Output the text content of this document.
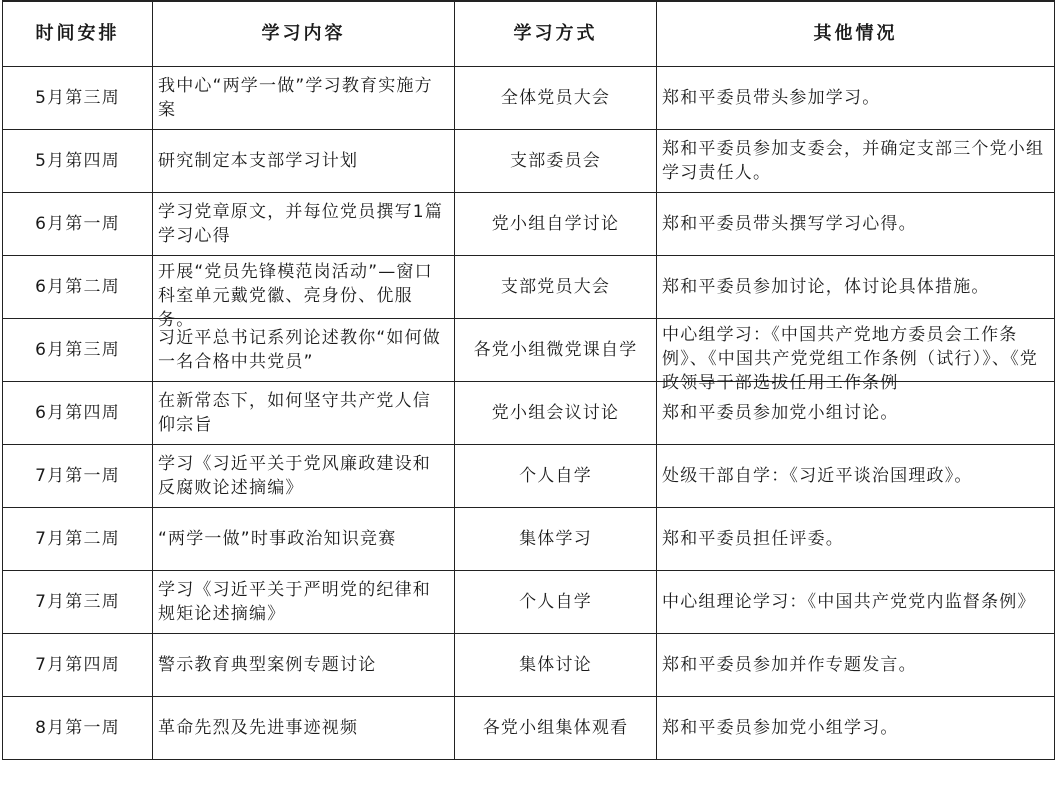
时间安排	学习内容	学习方式	其他情况

5月第三周	我中心“两学一做”学习教育实施方案	全体党员大会	郑和平委员带头参加学习。

5月第四周	研究制定本支部学习计划	支部委员会	郑和平委员参加支委会，并确定支部三个党小组学习责任人。

6月第一周	学习党章原文，并每位党员撰写1篇学习心得	党小组自学讨论	郑和平委员带头撰写学习心得。

6月第二周	开展“党员先锋模范岗活动”—窗口科室单元戴党徽、亮身份、优服务。	支部党员大会	郑和平委员参加讨论，体讨论具体措施。

6月第三周	习近平总书记系列论述教你“如何做一名合格中共党员”	各党小组微党课自学	中心组学习：《中国共产党地方委员会工作条例》、《中国共产党党组工作条例（试行）》、《党政领导干部选拔任用工作条例

6月第四周	在新常态下，如何坚守共产党人信仰宗旨	党小组会议讨论	郑和平委员参加党小组讨论。

7月第一周	学习《习近平关于党风廉政建设和反腐败论述摘编》	个人自学	处级干部自学：《习近平谈治国理政》。

7月第二周	“两学一做”时事政治知识竞赛	集体学习	郑和平委员担任评委。

7月第三周	学习《习近平关于严明党的纪律和规矩论述摘编》	个人自学	中心组理论学习：《中国共产党党内监督条例》

7月第四周	警示教育典型案例专题讨论	集体讨论	郑和平委员参加并作专题发言。

8月第一周	革命先烈及先进事迹视频	各党小组集体观看	郑和平委员参加党小组学习。
